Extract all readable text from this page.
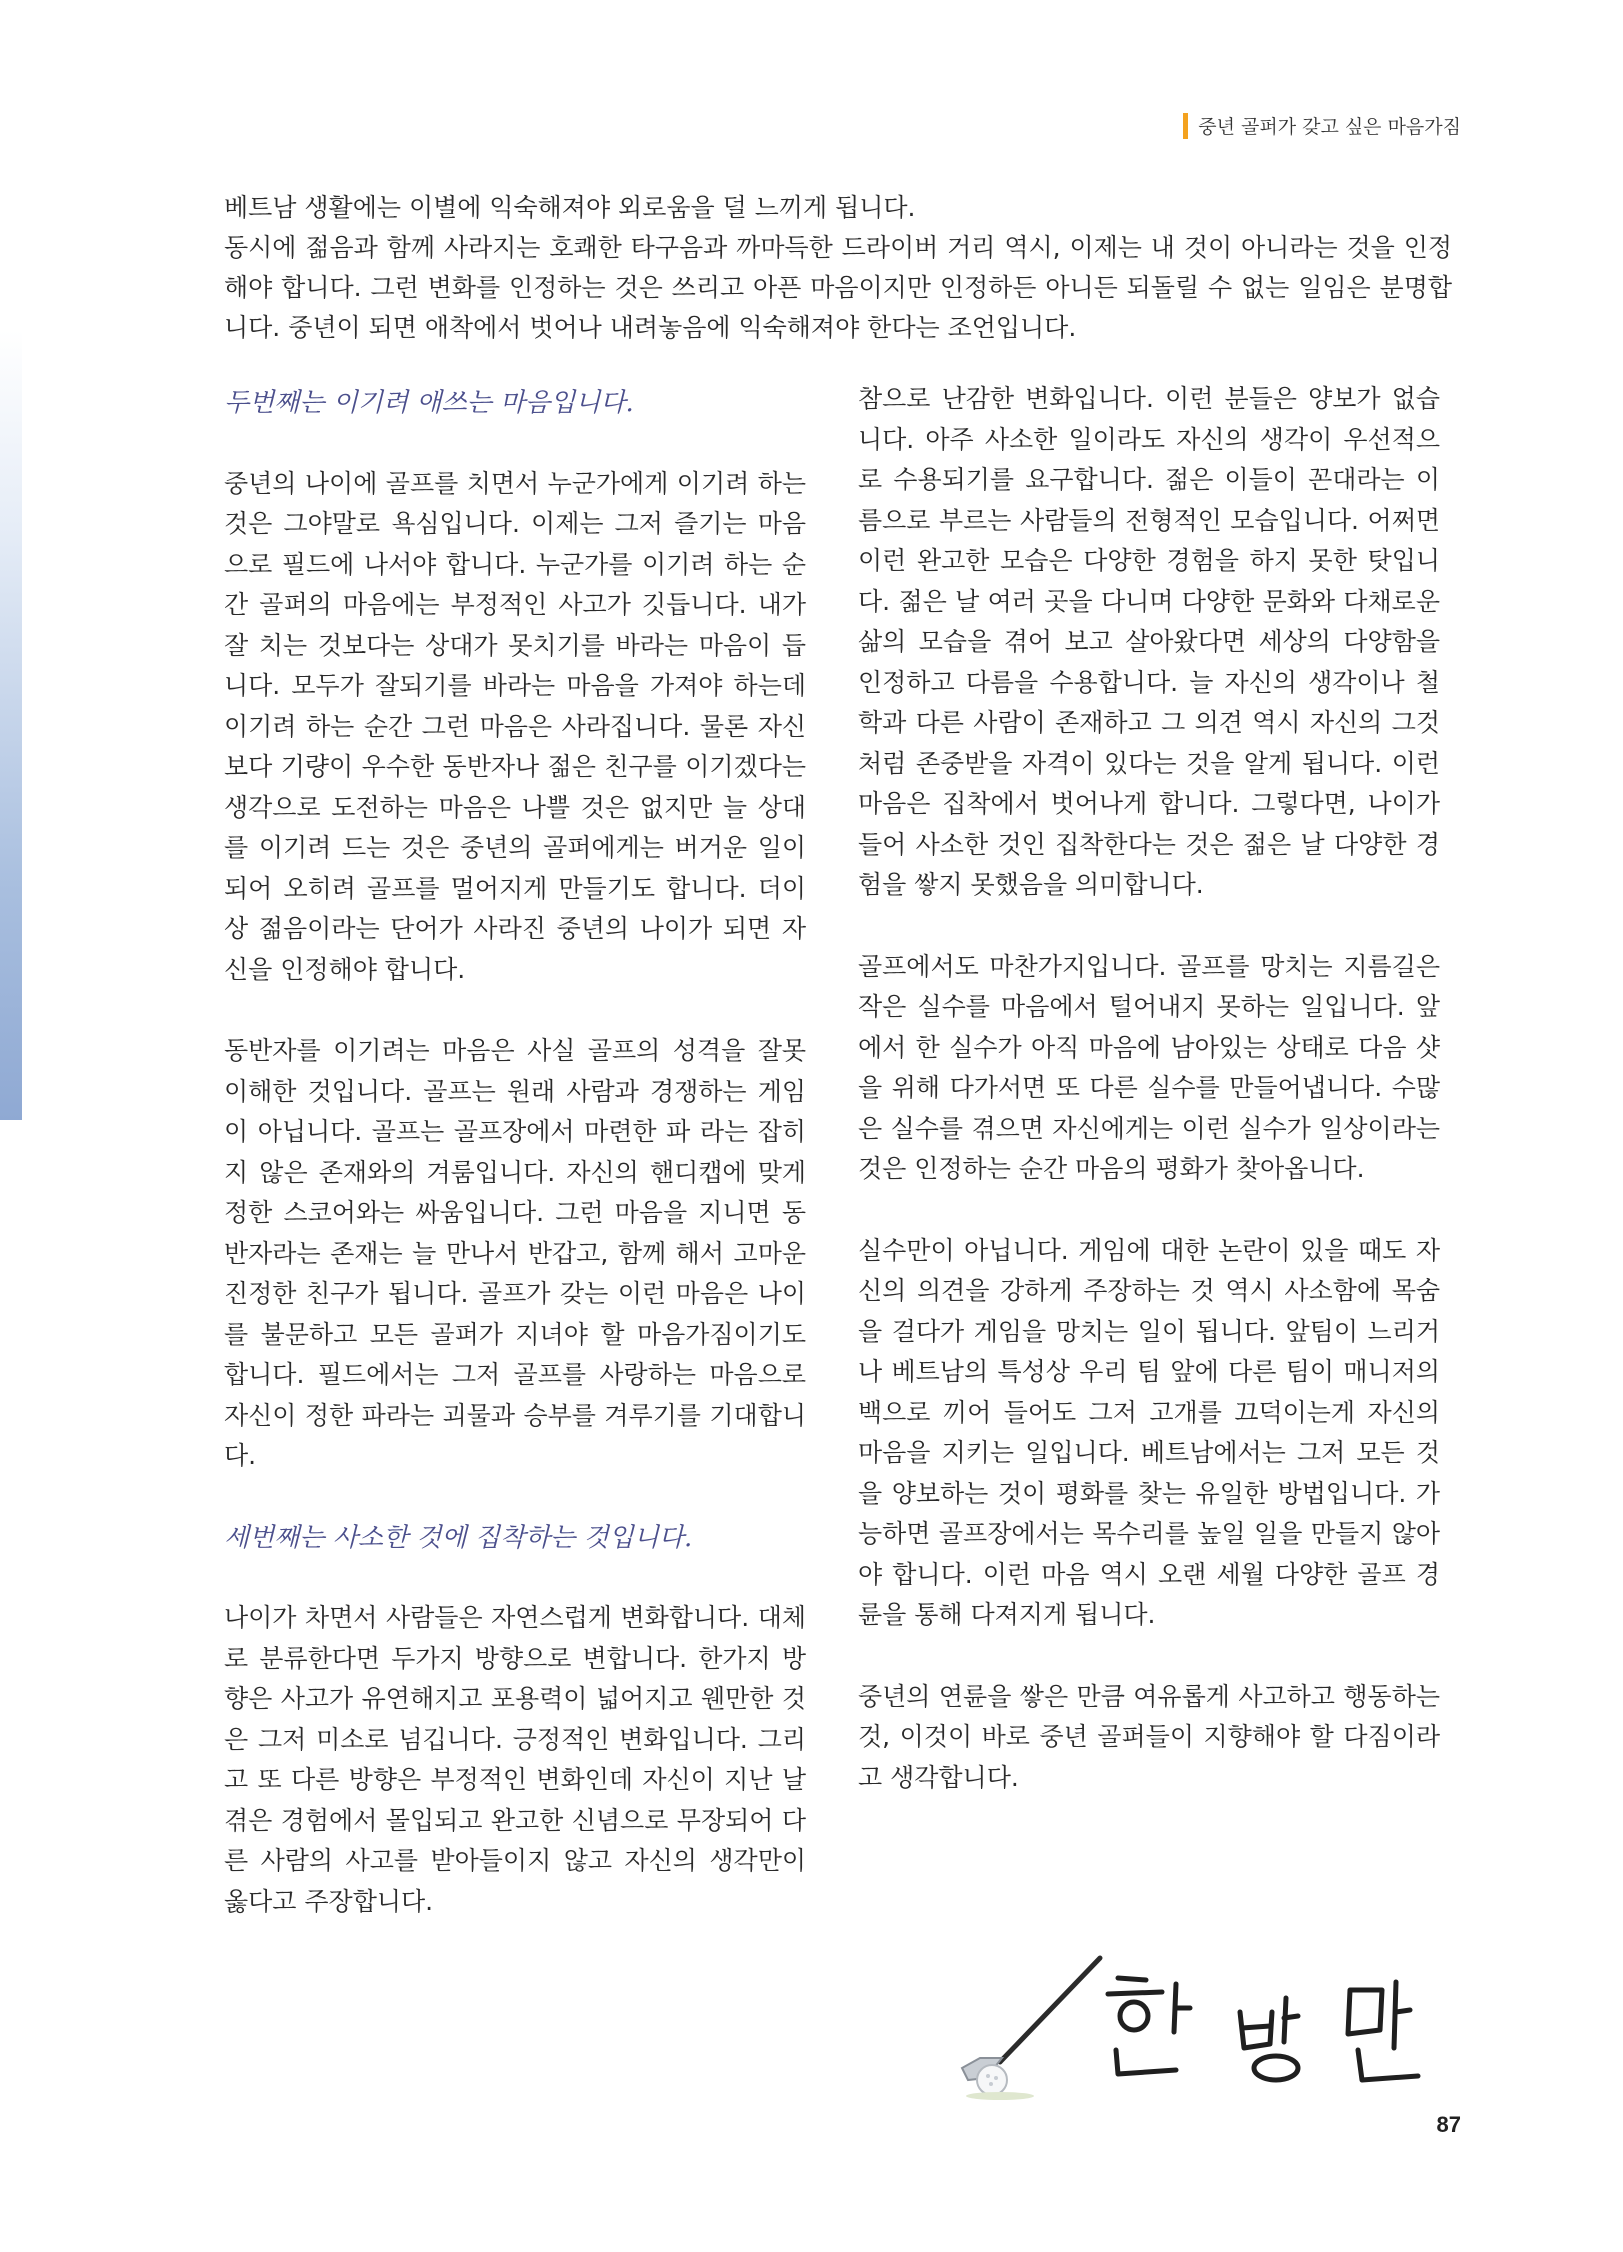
중년 골퍼가 갖고 싶은 마음가짐

베트남 생활에는 이별에 익숙해져야 외로움을 덜 느끼게 됩니다.

동시에 젊음과 함께 사라지는 호쾌한 타구음과 까마득한 드라이버 거리 역시, 이제는 내 것이 아니라는 것을 인정해야 합니다. 그런 변화를 인정하는 것은 쓰리고 아픈 마음이지만 인정하든 아니든 되돌릴 수 없는 일임은 분명합니다. 중년이 되면 애착에서 벗어나 내려놓음에 익숙해져야 한다는 조언입니다.

두번째는 이기려 애쓰는 마음입니다.

중년의 나이에 골프를 치면서 누군가에게 이기려 하는 것은 그야말로 욕심입니다. 이제는 그저 즐기는 마음으로 필드에 나서야 합니다. 누군가를 이기려 하는 순간 골퍼의 마음에는 부정적인 사고가 깃듭니다. 내가 잘 치는 것보다는 상대가 못치기를 바라는 마음이 듭니다. 모두가 잘되기를 바라는 마음을 가져야 하는데 이기려 하는 순간 그런 마음은 사라집니다. 물론 자신보다 기량이 우수한 동반자나 젊은 친구를 이기겠다는 생각으로 도전하는 마음은 나쁠 것은 없지만 늘 상대를 이기려 드는 것은 중년의 골퍼에게는 버거운 일이 되어 오히려 골프를 멀어지게 만들기도 합니다. 더이상 젊음이라는 단어가 사라진 중년의 나이가 되면 자신을 인정해야 합니다.

동반자를 이기려는 마음은 사실 골프의 성격을 잘못 이해한 것입니다. 골프는 원래 사람과 경쟁하는 게임이 아닙니다. 골프는 골프장에서 마련한 파 라는 잡히지 않은 존재와의 겨룸입니다. 자신의 핸디캡에 맞게 정한 스코어와는 싸움입니다. 그런 마음을 지니면 동반자라는 존재는 늘 만나서 반갑고, 함께 해서 고마운 진정한 친구가 됩니다. 골프가 갖는 이런 마음은 나이를 불문하고 모든 골퍼가 지녀야 할 마음가짐이기도 합니다. 필드에서는 그저 골프를 사랑하는 마음으로 자신이 정한 파라는 괴물과 승부를 겨루기를 기대합니다.

세번째는 사소한 것에 집착하는 것입니다.

나이가 차면서 사람들은 자연스럽게 변화합니다. 대체로 분류한다면 두가지 방향으로 변합니다. 한가지 방향은 사고가 유연해지고 포용력이 넓어지고 웬만한 것은 그저 미소로 넘깁니다. 긍정적인 변화입니다. 그리고 또 다른 방향은 부정적인 변화인데 자신이 지난 날 겪은 경험에서 몰입되고 완고한 신념으로 무장되어 다른 사람의 사고를 받아들이지 않고 자신의 생각만이 옳다고 주장합니다.

참으로 난감한 변화입니다. 이런 분들은 양보가 없습니다. 아주 사소한 일이라도 자신의 생각이 우선적으로 수용되기를 요구합니다. 젊은 이들이 꼰대라는 이름으로 부르는 사람들의 전형적인 모습입니다. 어쩌면 이런 완고한 모습은 다양한 경험을 하지 못한 탓입니다. 젊은 날 여러 곳을 다니며 다양한 문화와 다채로운 삶의 모습을 겪어 보고 살아왔다면 세상의 다양함을 인정하고 다름을 수용합니다. 늘 자신의 생각이나 철학과 다른 사람이 존재하고 그 의견 역시 자신의 그것처럼 존중받을 자격이 있다는 것을 알게 됩니다. 이런 마음은 집착에서 벗어나게 합니다. 그렇다면, 나이가 들어 사소한 것인 집착한다는 것은 젊은 날 다양한 경험을 쌓지 못했음을 의미합니다.

골프에서도 마찬가지입니다. 골프를 망치는 지름길은 작은 실수를 마음에서 털어내지 못하는 일입니다. 앞에서 한 실수가 아직 마음에 남아있는 상태로 다음 샷을 위해 다가서면 또 다른 실수를 만들어냅니다. 수많은 실수를 겪으면 자신에게는 이런 실수가 일상이라는 것은 인정하는 순간 마음의 평화가 찾아옵니다.

실수만이 아닙니다. 게임에 대한 논란이 있을 때도 자신의 의견을 강하게 주장하는 것 역시 사소함에 목숨을 걸다가 게임을 망치는 일이 됩니다. 앞팀이 느리거나 베트남의 특성상 우리 팀 앞에 다른 팀이 매니저의 백으로 끼어 들어도 그저 고개를 끄덕이는게 자신의 마음을 지키는 일입니다. 베트남에서는 그저 모든 것을 양보하는 것이 평화를 찾는 유일한 방법입니다. 가능하면 골프장에서는 목수리를 높일 일을 만들지 않아야 합니다. 이런 마음 역시 오랜 세월 다양한 골프 경륜을 통해 다져지게 됩니다.

중년의 연륜을 쌓은 만큼 여유롭게 사고하고 행동하는 것, 이것이 바로 중년 골퍼들이 지향해야 할 다짐이라고 생각합니다.

87
